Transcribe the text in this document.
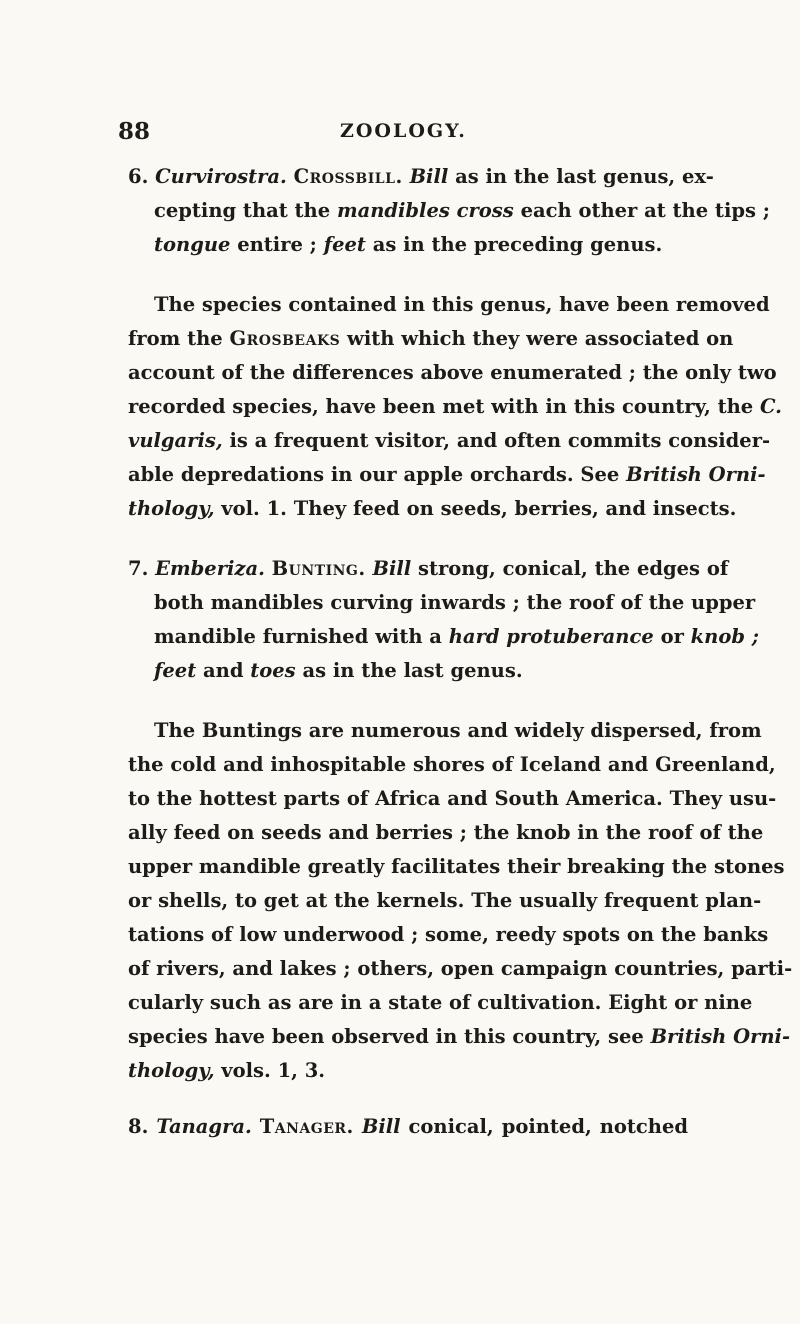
88	ZOOLOGY.
6. Curvirostra. Crossbill. Bill as in the last genus, ex-
cepting that the mandibles cross each other at the tips ;
tongue entire ; feet as in the preceding genus.
The species contained in this genus, have been removed
from the Grosbeaks with which they were associated on
account of the differences above enumerated ; the only two
recorded species, have been met with in this country, the C.
vulgaris, is a frequent visitor, and often commits consider-
able depredations in our apple orchards. See British Orni-
thology, vol. 1. They feed on seeds, berries, and insects.
7. Emberiza. Bunting. Bill strong, conical, the edges of
both mandibles curving inwards ; the roof of the upper
mandible furnished with a hard protuberance or knob ;
feet and toes as in the last genus.
The Buntings are numerous and widely dispersed, from
the cold and inhospitable shores of Iceland and Greenland,
to the hottest parts of Africa and South America. They usu-
ally feed on seeds and berries ; the knob in the roof of the
upper mandible greatly facilitates their breaking the stones
or shells, to get at the kernels. The usually frequent plan-
tations of low underwood ; some, reedy spots on the banks
of rivers, and lakes ; others, open campaign countries, parti-
cularly such as are in a state of cultivation. Eight or nine
species have been observed in this country, see British Orni-
thology, vols. 1, 3.
8. Tanagra. Tanager. Bill conical, pointed, notched
